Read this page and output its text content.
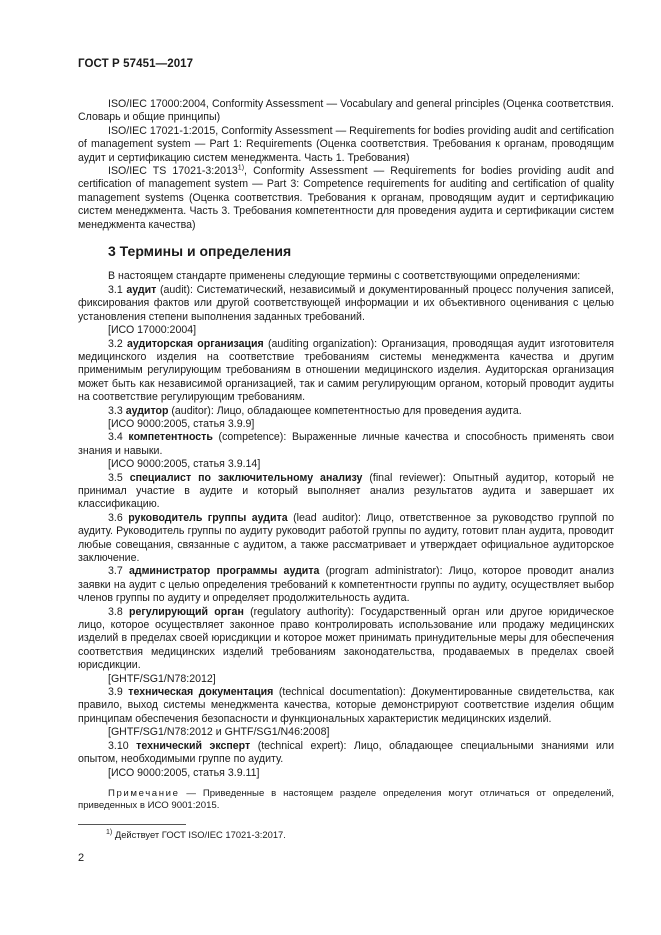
ГОСТ Р 57451—2017

ISO/IEC 17000:2004, Conformity Assessment — Vocabulary and general principles (Оценка соответствия. Словарь и общие принципы)

ISO/IEC 17021-1:2015, Conformity Assessment — Requirements for bodies providing audit and certification of management system — Part 1: Requirements (Оценка соответствия. Требования к органам, проводящим аудит и сертификацию систем менеджмента. Часть 1. Требования)

ISO/IEC TS 17021-3:2013$^{1)}$, Conformity Assessment — Requirements for bodies providing audit and certification of management system — Part 3: Competence requirements for auditing and certification of quality management systems (Оценка соответствия. Требования к органам, проводящим аудит и сертификацию систем менеджмента. Часть 3. Требования компетентности для проведения аудита и сертификации систем менеджмента качества)

3 Термины и определения

В настоящем стандарте применены следующие термины с соответствующими определениями:

3.1 аудит (audit): Систематический, независимый и документированный процесс получения записей, фиксирования фактов или другой соответствующей информации и их объективного оценивания с целью установления степени выполнения заданных требований.

[ИСО 17000:2004]

3.2 аудиторская организация (auditing organization): Организация, проводящая аудит изготовителя медицинского изделия на соответствие требованиям системы менеджмента качества и другим применимым регулирующим требованиям в отношении медицинского изделия. Аудиторская организация может быть как независимой организацией, так и самим регулирующим органом, который проводит аудиты на соответствие регулирующим требованиям.

3.3 аудитор (auditor): Лицо, обладающее компетентностью для проведения аудита.

[ИСО 9000:2005, статья 3.9.9]

3.4 компетентность (competence): Выраженные личные качества и способность применять свои знания и навыки.

[ИСО 9000:2005, статья 3.9.14]

3.5 специалист по заключительному анализу (final reviewer): Опытный аудитор, который не принимал участие в аудите и который выполняет анализ результатов аудита и завершает их классификацию.

3.6 руководитель группы аудита (lead auditor): Лицо, ответственное за руководство группой по аудиту. Руководитель группы по аудиту руководит работой группы по аудиту, готовит план аудита, проводит любые совещания, связанные с аудитом, а также рассматривает и утверждает официальное аудиторское заключение.

3.7 администратор программы аудита (program administrator): Лицо, которое проводит анализ заявки на аудит с целью определения требований к компетентности группы по аудиту, осуществляет выбор членов группы по аудиту и определяет продолжительность аудита.

3.8 регулирующий орган (regulatory authority): Государственный орган или другое юридическое лицо, которое осуществляет законное право контролировать использование или продажу медицинских изделий в пределах своей юрисдикции и которое может принимать принудительные меры для обеспечения соответствия медицинских изделий требованиям законодательства, продаваемых в пределах своей юрисдикции.

[GHTF/SG1/N78:2012]

3.9 техническая документация (technical documentation): Документированные свидетельства, как правило, выход системы менеджмента качества, которые демонстрируют соответствие изделия общим принципам обеспечения безопасности и функциональных характеристик медицинских изделий.

[GHTF/SG1/N78:2012 и GHTF/SG1/N46:2008]

3.10 технический эксперт (technical expert): Лицо, обладающее специальными знаниями или опытом, необходимыми группе по аудиту.

[ИСО 9000:2005, статья 3.9.11]

Примечание — Приведенные в настоящем разделе определения могут отличаться от определений, приведенных в ИСО 9001:2015.

$^{1)}$ Действует ГОСТ ISO/IEC 17021-3:2017.
2
